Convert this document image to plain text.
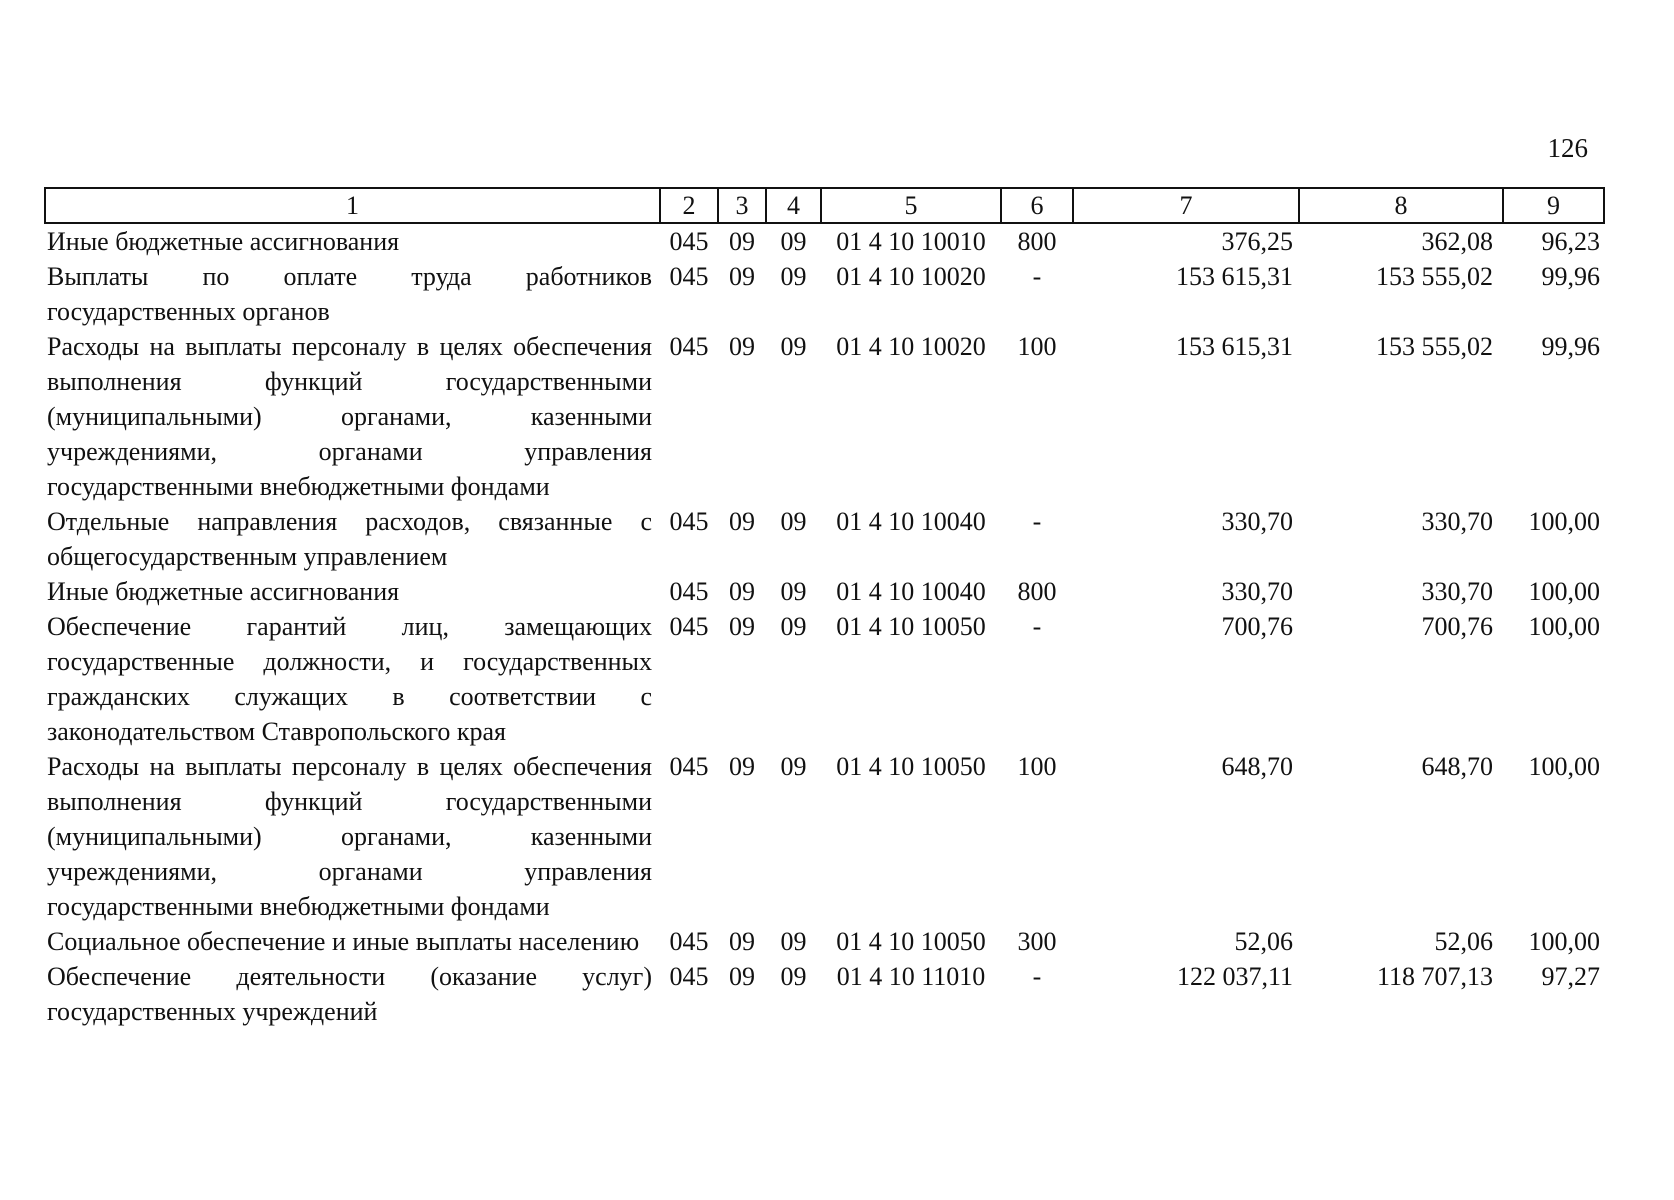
126
1	2	3	4	5	6	7	8	9
Иные бюджетные ассигнования	045	09	09	01 4 10 10010	800	376,25	362,08	96,23
Выплаты по оплате труда работников государственных органов	045	09	09	01 4 10 10020	-	153 615,31	153 555,02	99,96
Расходы на выплаты персоналу в целях обеспечения выполнения функций государственными (муниципальными) органами, казенными учреждениями, органами управления государственными внебюджетными фондами	045	09	09	01 4 10 10020	100	153 615,31	153 555,02	99,96
Отдельные направления расходов, связанные с общегосударственным управлением	045	09	09	01 4 10 10040	-	330,70	330,70	100,00
Иные бюджетные ассигнования	045	09	09	01 4 10 10040	800	330,70	330,70	100,00
Обеспечение гарантий лиц, замещающих государственные должности, и государственных гражданских служащих в соответствии с законодательством Ставропольского края	045	09	09	01 4 10 10050	-	700,76	700,76	100,00
Расходы на выплаты персоналу в целях обеспечения выполнения функций государственными (муниципальными) органами, казенными учреждениями, органами управления государственными внебюджетными фондами	045	09	09	01 4 10 10050	100	648,70	648,70	100,00
Социальное обеспечение и иные выплаты населению	045	09	09	01 4 10 10050	300	52,06	52,06	100,00
Обеспечение деятельности (оказание услуг) государственных учреждений	045	09	09	01 4 10 11010	-	122 037,11	118 707,13	97,27
